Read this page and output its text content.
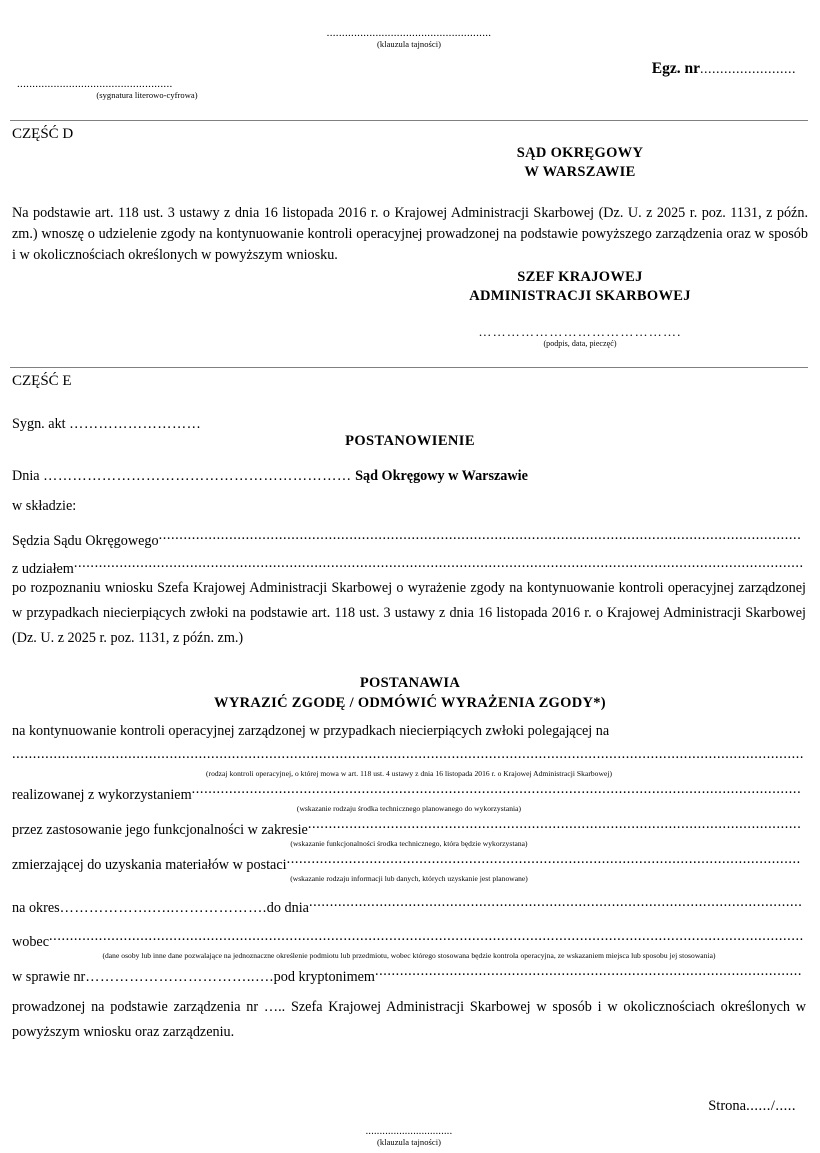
......................................................
(klauzula tajności)
Egz. nr........................
...................................................
(sygnatura literowo-cyfrowa)
CZĘŚĆ D
SĄD OKRĘGOWY
W WARSZAWIE
Na podstawie art. 118 ust. 3 ustawy z dnia 16 listopada 2016 r. o Krajowej Administracji Skarbowej (Dz. U. z 2025 r. poz. 1131, z późn. zm.) wnoszę o udzielenie zgody na kontynuowanie kontroli operacyjnej prowadzonej na podstawie powyższego zarządzenia oraz w sposób i w okolicznościach określonych w powyższym wniosku.
SZEF KRAJOWEJ
ADMINISTRACJI SKARBOWEJ
…………………………………….
(podpis, data, pieczęć)
CZĘŚĆ E
Sygn. akt ………………………
POSTANOWIENIE
Dnia ……………………………………………………… Sąd Okręgowy w Warszawie
w składzie:
Sędzia Sądu Okręgowego...........................................................................................................................................................
z udziałem................................................................................................................................................................................

po rozpoznaniu wniosku Szefa Krajowej Administracji Skarbowej o wyrażenie zgody na kontynuowanie kontroli operacyjnej zarządzonej w przypadkach niecierpiących zwłoki na podstawie art. 118 ust. 3 ustawy z dnia 16 listopada 2016 r. o Krajowej Administracji Skarbowej (Dz. U. z 2025 r. poz. 1131, z późn. zm.)

POSTANAWIA
WYRAZIĆ ZGODĘ / ODMÓWIĆ WYRAŻENIA ZGODY*)
na kontynuowanie kontroli operacyjnej zarządzonej w przypadkach niecierpiących zwłoki polegającej na
...............................................................................................................................................................................................
(rodzaj kontroli operacyjnej, o której mowa w art. 118 ust. 4 ustawy z dnia 16 listopada 2016 r. o Krajowej Administracji Skarbowej)
realizowanej z wykorzystaniem...................................................................................................................................................
(wskazanie rodzaju środka technicznego planowanego do wykorzystania)
przez zastosowanie jego funkcjonalności w zakresie.......................................................................................................................
(wskazanie funkcjonalności środka technicznego, która będzie wykorzystana)
zmierzającej do uzyskania materiałów w postaci............................................................................................................................
(wskazanie rodzaju informacji lub danych, których uzyskanie jest planowane)
na okres……………….…..……………….do dnia.......................................................................................................................
wobec......................................................................................................................................................................................
(dane osoby lub inne dane pozwalające na jednoznaczne określenie podmiotu lub przedmiotu, wobec którego stosowana będzie kontrola operacyjna, ze wskazaniem miejsca lub sposobu jej stosowania)
w sprawie nr……………………………..….pod kryptonimem.......................................................................................................
prowadzonej na podstawie zarządzenia nr ….. Szefa Krajowej Administracji Skarbowej w sposób i w okolicznościach określonych w powyższym wniosku oraz zarządzeniu.
Strona....../.....
...............................
(klauzula tajności)
